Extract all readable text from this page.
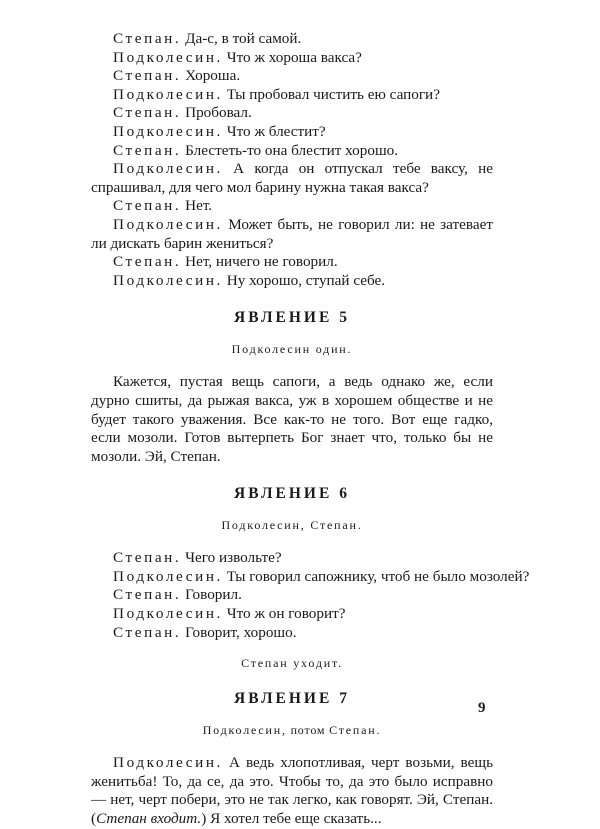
Степан. Да-с, в той самой.

Подколесин. Что ж хороша вакса?

Степан. Хороша.

Подколесин. Ты пробовал чистить ею сапоги?

Степан. Пробовал.

Подколесин. Что ж блестит?

Степан. Блестеть-то она блестит хорошо.

Подколесин. А когда он отпускал тебе ваксу, не спрашивал, для чего мол барину нужна такая вакса?

Степан. Нет.

Подколесин. Может быть, не говорил ли: не затевает ли дискать барин жениться?

Степан. Нет, ничего не говорил.

Подколесин. Ну хорошо, ступай себе.

ЯВЛЕНИЕ 5

Подколесин один.

Кажется, пустая вещь сапоги, а ведь однако же, если дурно сшиты, да рыжая вакса, уж в хорошем обществе и не будет такого уважения. Все как-то не того. Вот еще гадко, если мозоли. Готов вытерпеть Бог знает что, только бы не мозоли. Эй, Степан.

ЯВЛЕНИЕ 6

Подколесин, Степан.

Степан. Чего извольте?

Подколесин. Ты говорил сапожнику, чтоб не было мозолей?

Степан. Говорил.

Подколесин. Что ж он говорит?

Степан. Говорит, хорошо.

Степан уходит.

ЯВЛЕНИЕ 7

Подколесин, потом Степан.

Подколесин. А ведь хлопотливая, черт возьми, вещь женитьба! То, да се, да это. Чтобы то, да это было исправно — нет, черт побери, это не так легко, как говорят. Эй, Степан. (Степан входит.) Я хотел тебе еще сказать...

9
